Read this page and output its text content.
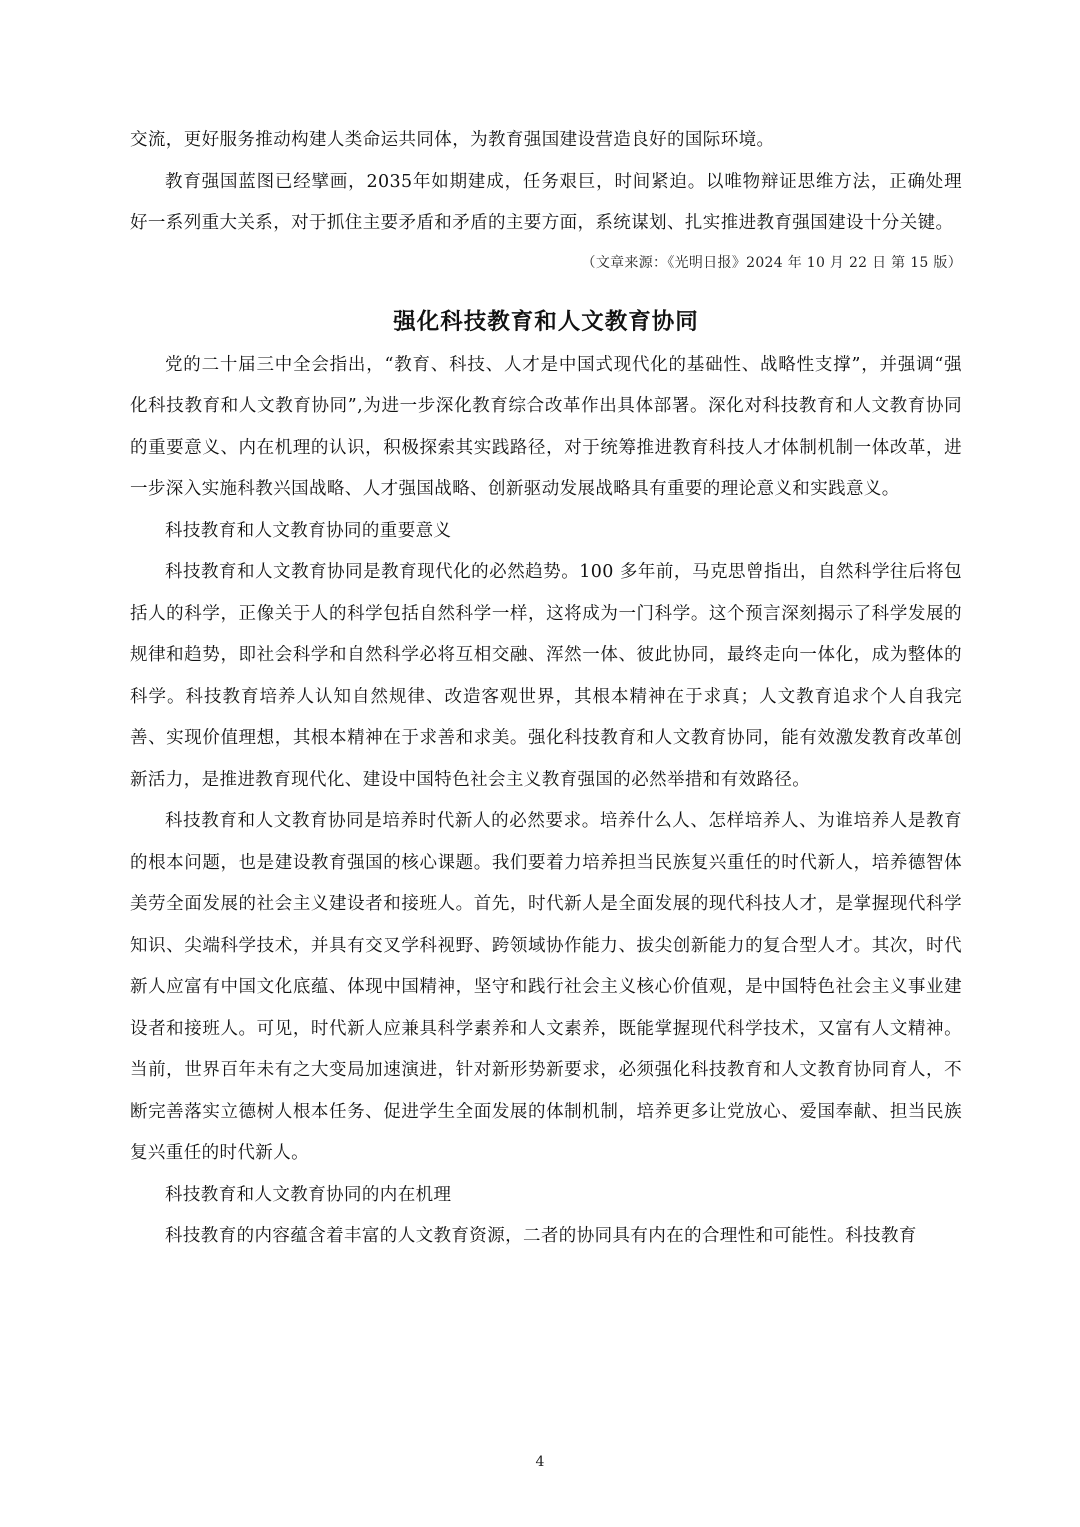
交流，更好服务推动构建人类命运共同体，为教育强国建设营造良好的国际环境。

教育强国蓝图已经擘画，2035年如期建成，任务艰巨，时间紧迫。以唯物辩证思维方法，正确处理好一系列重大关系，对于抓住主要矛盾和矛盾的主要方面，系统谋划、扎实推进教育强国建设十分关键。

（文章来源：《光明日报》2024 年 10 月 22 日 第 15 版）

强化科技教育和人文教育协同

党的二十届三中全会指出，“教育、科技、人才是中国式现代化的基础性、战略性支撑”，并强调“强化科技教育和人文教育协同”,为进一步深化教育综合改革作出具体部署。深化对科技教育和人文教育协同的重要意义、内在机理的认识，积极探索其实践路径，对于统筹推进教育科技人才体制机制一体改革，进一步深入实施科教兴国战略、人才强国战略、创新驱动发展战略具有重要的理论意义和实践意义。

科技教育和人文教育协同的重要意义

科技教育和人文教育协同是教育现代化的必然趋势。100 多年前，马克思曾指出，自然科学往后将包括人的科学，正像关于人的科学包括自然科学一样，这将成为一门科学。这个预言深刻揭示了科学发展的规律和趋势，即社会科学和自然科学必将互相交融、浑然一体、彼此协同，最终走向一体化，成为整体的科学。科技教育培养人认知自然规律、改造客观世界，其根本精神在于求真；人文教育追求个人自我完善、实现价值理想，其根本精神在于求善和求美。强化科技教育和人文教育协同，能有效激发教育改革创新活力，是推进教育现代化、建设中国特色社会主义教育强国的必然举措和有效路径。

科技教育和人文教育协同是培养时代新人的必然要求。培养什么人、怎样培养人、为谁培养人是教育的根本问题，也是建设教育强国的核心课题。我们要着力培养担当民族复兴重任的时代新人，培养德智体美劳全面发展的社会主义建设者和接班人。首先，时代新人是全面发展的现代科技人才，是掌握现代科学知识、尖端科学技术，并具有交叉学科视野、跨领域协作能力、拔尖创新能力的复合型人才。其次，时代新人应富有中国文化底蕴、体现中国精神，坚守和践行社会主义核心价值观，是中国特色社会主义事业建设者和接班人。可见，时代新人应兼具科学素养和人文素养，既能掌握现代科学技术，又富有人文精神。当前，世界百年未有之大变局加速演进，针对新形势新要求，必须强化科技教育和人文教育协同育人，不断完善落实立德树人根本任务、促进学生全面发展的体制机制，培养更多让党放心、爱国奉献、担当民族复兴重任的时代新人。

科技教育和人文教育协同的内在机理

科技教育的内容蕴含着丰富的人文教育资源，二者的协同具有内在的合理性和可能性。科技教育

4
